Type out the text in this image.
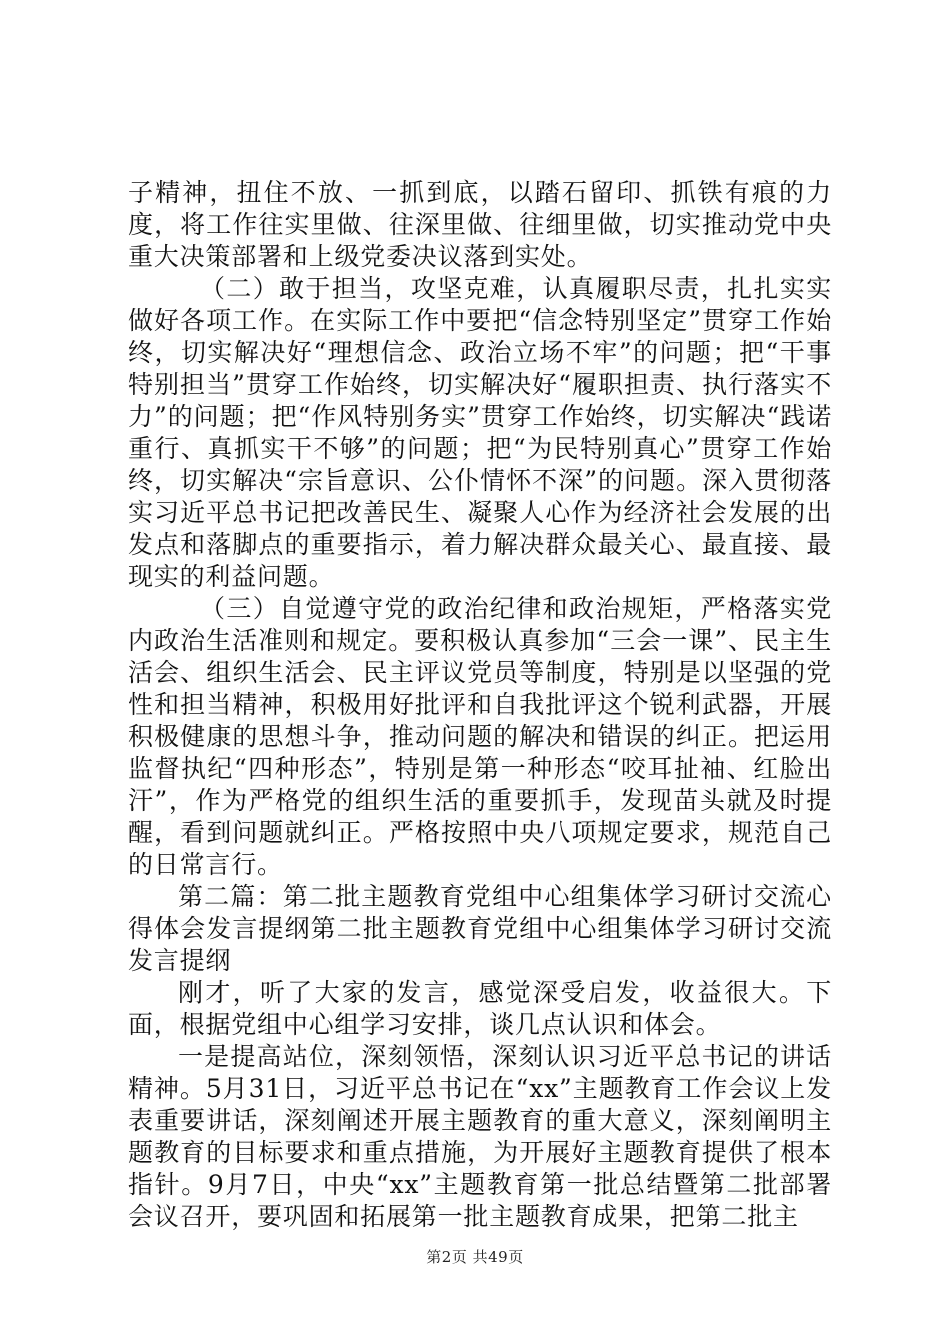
子精神，扭住不放、一抓到底，以踏石留印、抓铁有痕的力度，将工作往实里做、往深里做、往细里做，切实推动党中央重大决策部署和上级党委决议落到实处。

（二）敢于担当，攻坚克难，认真履职尽责，扎扎实实做好各项工作。在实际工作中要把“信念特别坚定”贯穿工作始终，切实解决好“理想信念、政治立场不牢”的问题；把“干事特别担当”贯穿工作始终，切实解决好“履职担责、执行落实不力”的问题；把“作风特别务实”贯穿工作始终，切实解决“践诺重行、真抓实干不够”的问题；把“为民特别真心”贯穿工作始终，切实解决“宗旨意识、公仆情怀不深”的问题。深入贯彻落实习近平总书记把改善民生、凝聚人心作为经济社会发展的出发点和落脚点的重要指示，着力解决群众最关心、最直接、最现实的利益问题。

（三）自觉遵守党的政治纪律和政治规矩，严格落实党内政治生活准则和规定。要积极认真参加“三会一课”、民主生活会、组织生活会、民主评议党员等制度，特别是以坚强的党性和担当精神，积极用好批评和自我批评这个锐利武器，开展积极健康的思想斗争，推动问题的解决和错误的纠正。把运用监督执纪“四种形态”，特别是第一种形态“咬耳扯袖、红脸出汗”，作为严格党的组织生活的重要抓手，发现苗头就及时提醒，看到问题就纠正。严格按照中央八项规定要求，规范自己的日常言行。

第二篇：第二批主题教育党组中心组集体学习研讨交流心得体会发言提纲第二批主题教育党组中心组集体学习研讨交流发言提纲

刚才，听了大家的发言，感觉深受启发，收益很大。下面，根据党组中心组学习安排，谈几点认识和体会。

一是提高站位，深刻领悟，深刻认识习近平总书记的讲话精神。5月31日，习近平总书记在“xx”主题教育工作会议上发表重要讲话，深刻阐述开展主题教育的重大意义，深刻阐明主题教育的目标要求和重点措施，为开展好主题教育提供了根本指针。9月7日，中央“xx”主题教育第一批总结暨第二批部署会议召开，要巩固和拓展第一批主题教育成果，把第二批主

第2页 共49页
